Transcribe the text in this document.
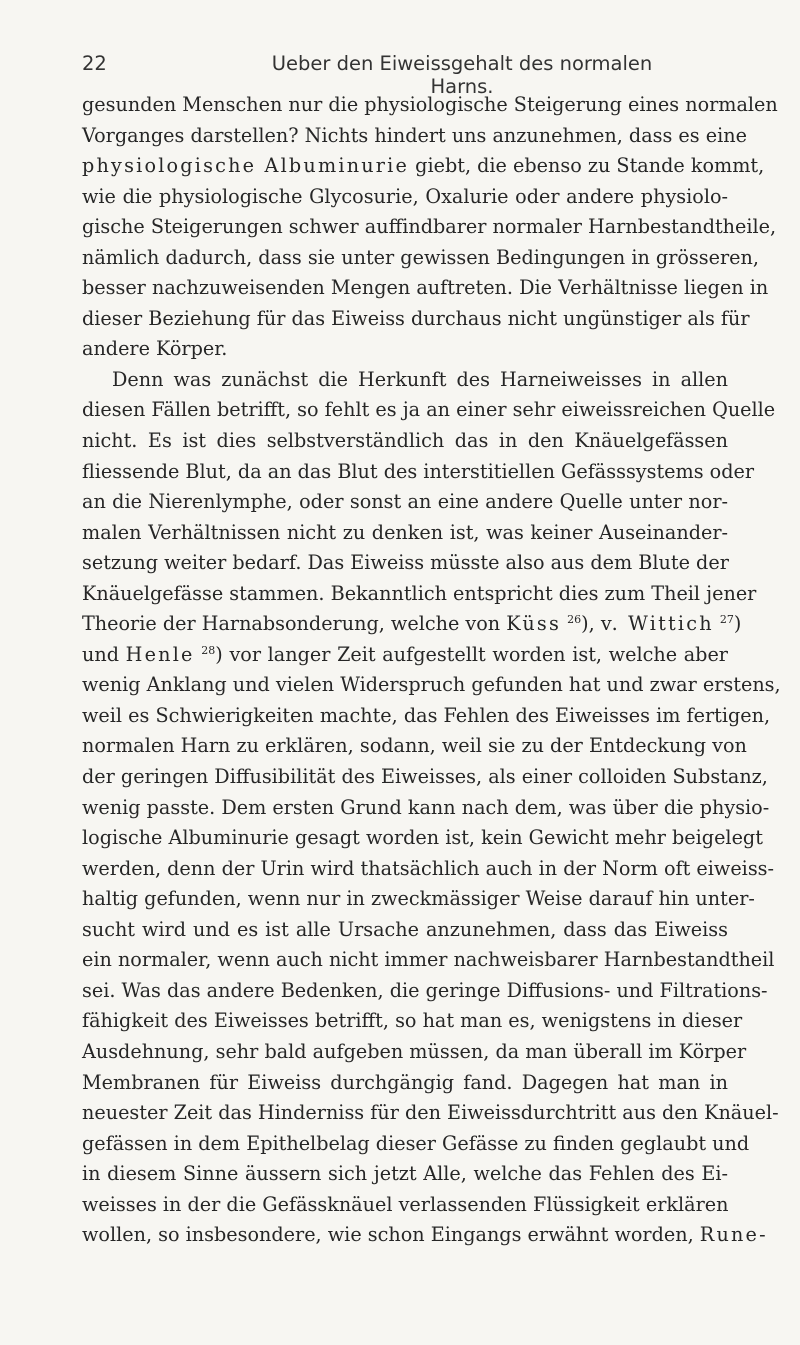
22	Ueber den Eiweissgehalt des normalen Harns.
gesunden Menschen nur die physiologische Steigerung eines normalen
Vorganges darstellen? Nichts hindert uns anzunehmen, dass es eine
physiologische Albuminurie giebt, die ebenso zu Stande kommt,
wie die physiologische Glycosurie, Oxalurie oder andere physiolo-
gische Steigerungen schwer auffindbarer normaler Harnbestandtheile,
nämlich dadurch, dass sie unter gewissen Bedingungen in grösseren,
besser nachzuweisenden Mengen auftreten. Die Verhältnisse liegen in
dieser Beziehung für das Eiweiss durchaus nicht ungünstiger als für
andere Körper.
Denn was zunächst die Herkunft des Harneiweisses in allen
diesen Fällen betrifft, so fehlt es ja an einer sehr eiweissreichen Quelle
nicht. Es ist dies selbstverständlich das in den Knäuelgefässen
fliessende Blut, da an das Blut des interstitiellen Gefässsystems oder
an die Nierenlymphe, oder sonst an eine andere Quelle unter nor-
malen Verhältnissen nicht zu denken ist, was keiner Auseinander-
setzung weiter bedarf. Das Eiweiss müsste also aus dem Blute der
Knäuelgefässe stammen. Bekanntlich entspricht dies zum Theil jener
Theorie der Harnabsonderung, welche von Küss $^{26}$), v. Wittich $^{27}$)
und Henle $^{28}$) vor langer Zeit aufgestellt worden ist, welche aber
wenig Anklang und vielen Widerspruch gefunden hat und zwar erstens,
weil es Schwierigkeiten machte, das Fehlen des Eiweisses im fertigen,
normalen Harn zu erklären, sodann, weil sie zu der Entdeckung von
der geringen Diffusibilität des Eiweisses, als einer colloiden Substanz,
wenig passte. Dem ersten Grund kann nach dem, was über die physio-
logische Albuminurie gesagt worden ist, kein Gewicht mehr beigelegt
werden, denn der Urin wird thatsächlich auch in der Norm oft eiweiss-
haltig gefunden, wenn nur in zweckmässiger Weise darauf hin unter-
sucht wird und es ist alle Ursache anzunehmen, dass das Eiweiss
ein normaler, wenn auch nicht immer nachweisbarer Harnbestandtheil
sei. Was das andere Bedenken, die geringe Diffusions- und Filtrations-
fähigkeit des Eiweisses betrifft, so hat man es, wenigstens in dieser
Ausdehnung, sehr bald aufgeben müssen, da man überall im Körper
Membranen für Eiweiss durchgängig fand. Dagegen hat man in
neuester Zeit das Hinderniss für den Eiweissdurchtritt aus den Knäuel-
gefässen in dem Epithelbelag dieser Gefässe zu finden geglaubt und
in diesem Sinne äussern sich jetzt Alle, welche das Fehlen des Ei-
weisses in der die Gefässknäuel verlassenden Flüssigkeit erklären
wollen, so insbesondere, wie schon Eingangs erwähnt worden, Rune-
